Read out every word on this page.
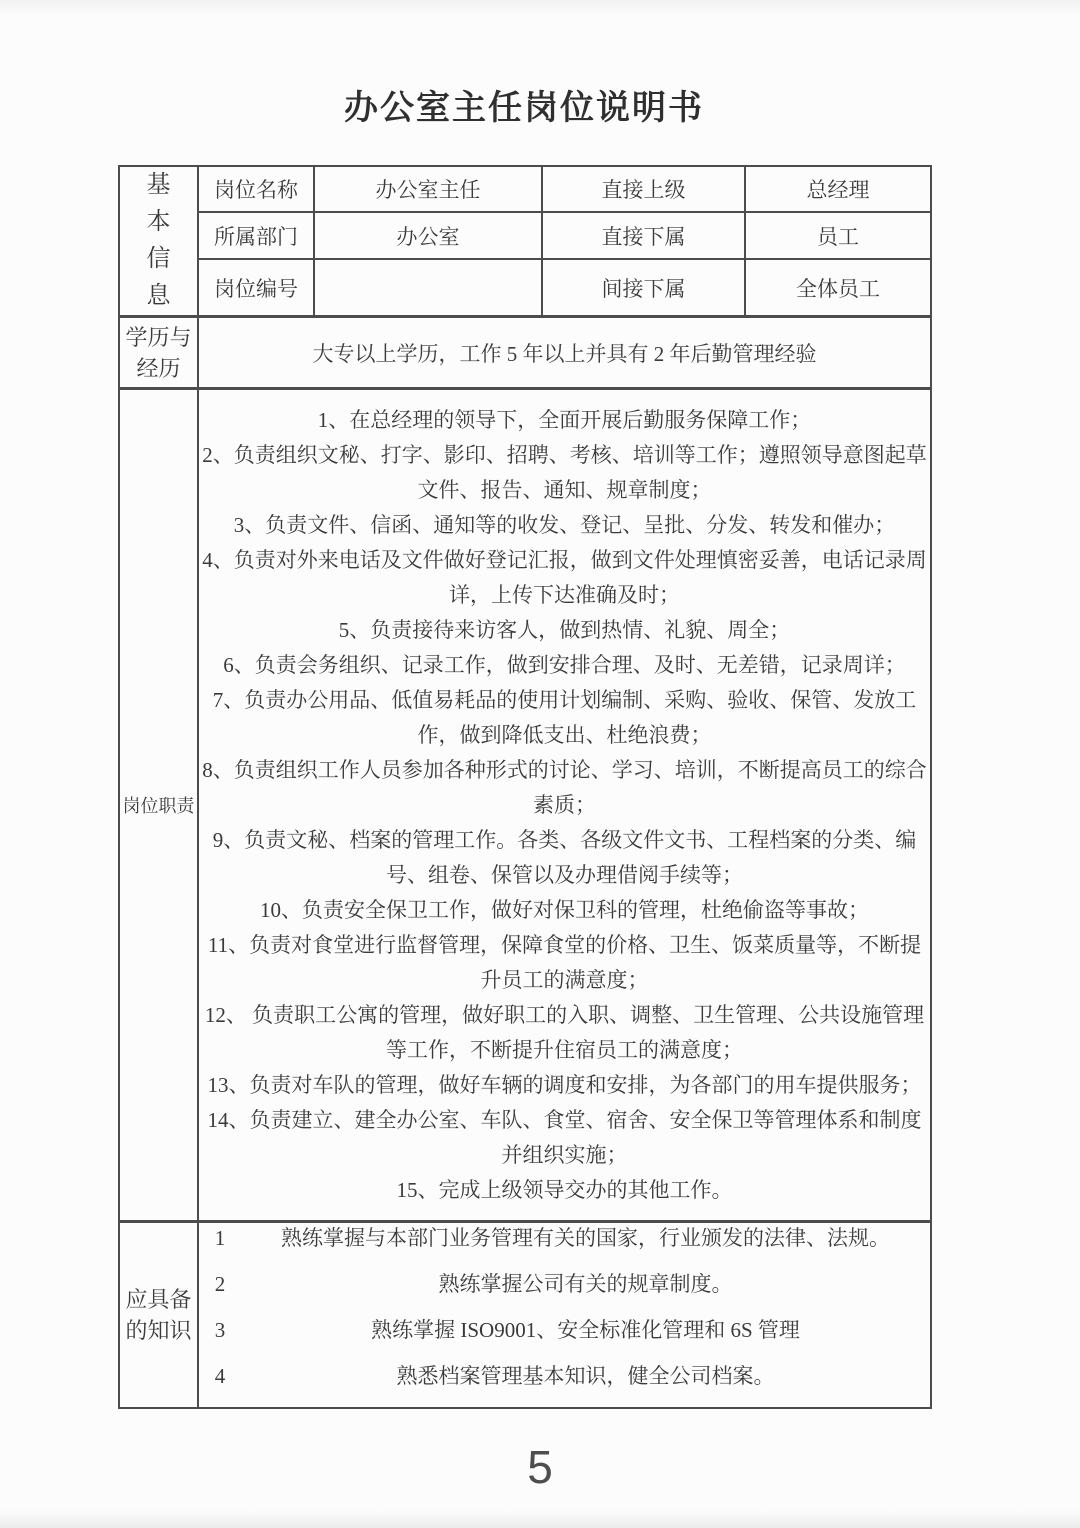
办公室主任岗位说明书
基
本
信
息	岗位名称	办公室主任	直接上级	总经理
	所属部门	办公室	直接下属	员工
	岗位编号		间接下属	全体员工

学历与
经历	大专以上学历，工作 5 年以上并具有 2 年后勤管理经验			

岗位职责

1、在总经理的领导下，全面开展后勤服务保障工作；

2、负责组织文秘、打字、影印、招聘、考核、培训等工作；遵照领导意图起草文件、报告、通知、规章制度；

3、负责文件、信函、通知等的收发、登记、呈批、分发、转发和催办；

4、负责对外来电话及文件做好登记汇报，做到文件处理慎密妥善，电话记录周详，上传下达准确及时；

5、负责接待来访客人，做到热情、礼貌、周全；

6、负责会务组织、记录工作，做到安排合理、及时、无差错，记录周详；

7、负责办公用品、低值易耗品的使用计划编制、采购、验收、保管、发放工作，做到降低支出、杜绝浪费；

8、负责组织工作人员参加各种形式的讨论、学习、培训，不断提高员工的综合素质；

9、负责文秘、档案的管理工作。各类、各级文件文书、工程档案的分类、编号、组卷、保管以及办理借阅手续等；

10、负责安全保卫工作，做好对保卫科的管理，杜绝偷盗等事故；

11、负责对食堂进行监督管理，保障食堂的价格、卫生、饭菜质量等，不断提升员工的满意度；

12、 负责职工公寓的管理，做好职工的入职、调整、卫生管理、公共设施管理等工作，不断提升住宿员工的满意度；

13、负责对车队的管理，做好车辆的调度和安排，为各部门的用车提供服务；

14、负责建立、建全办公室、车队、食堂、宿舍、安全保卫等管理体系和制度并组织实施；

15、完成上级领导交办的其他工作。

应具备
的知识

1	熟练掌握与本部门业务管理有关的国家，行业颁发的法律、法规。
2	熟练掌握公司有关的规章制度。
3	熟练掌握 ISO9001、安全标准化管理和 6S 管理
4	熟悉档案管理基本知识，健全公司档案。
5
